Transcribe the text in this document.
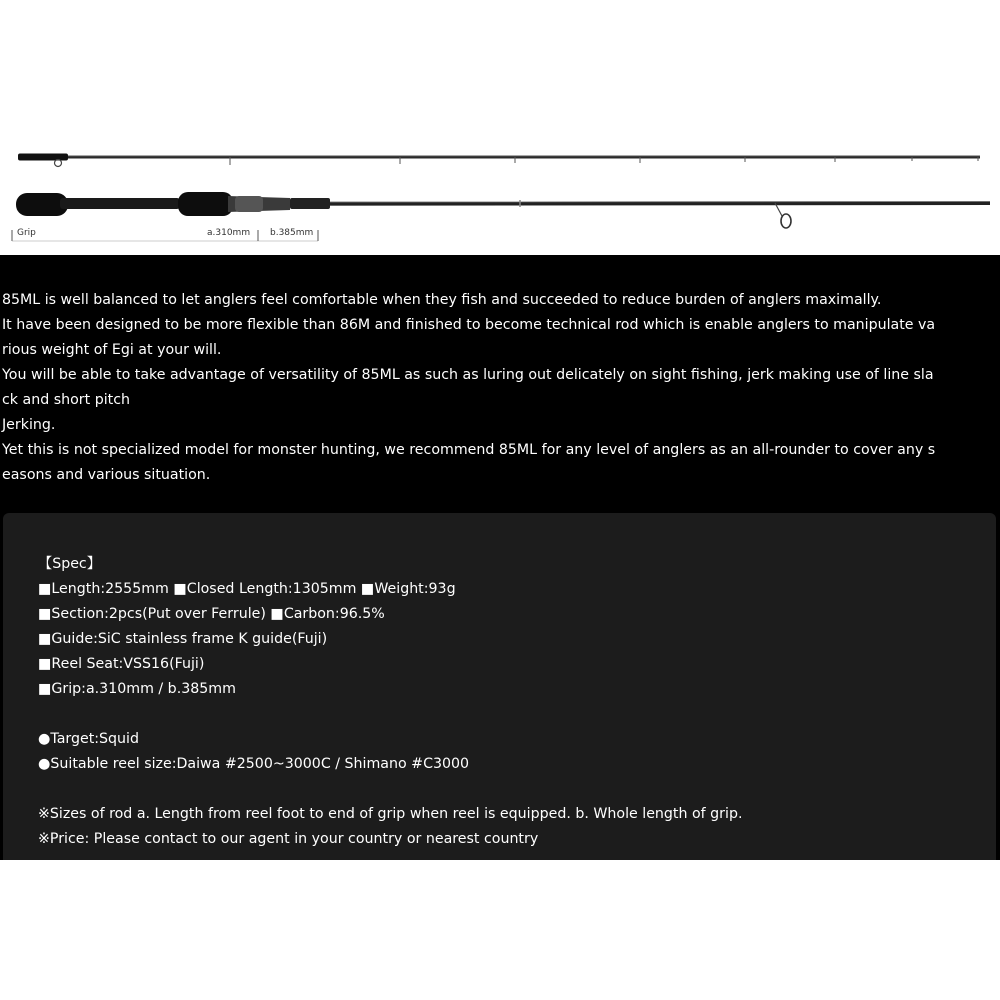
Grip	a.310mm b.385mm

85ML is well balanced to let anglers feel comfortable when they fish and succeeded to reduce burden of anglers maximally.

It have been designed to be more flexible than 86M and finished to become technical rod which is enable anglers to manipulate va

rious weight of Egi at your will.

You will be able to take advantage of versatility of 85ML as such as luring out delicately on sight fishing, jerk making use of line sla

ck and short pitch

Jerking.

Yet this is not specialized model for monster hunting, we recommend 85ML for any level of anglers as an all-rounder to cover any s

easons and various situation.

【Spec】

■Length:2555mm ■Closed Length:1305mm ■Weight:93g

■Section:2pcs(Put over Ferrule) ■Carbon:96.5%

■Guide:SiC stainless frame K guide(Fuji)

■Reel Seat:VSS16(Fuji)

■Grip:a.310mm / b.385mm

●Target:Squid

●Suitable reel size:Daiwa #2500~3000C / Shimano #C3000

※Sizes of rod a. Length from reel foot to end of grip when reel is equipped. b. Whole length of grip.

※Price: Please contact to our agent in your country or nearest country
